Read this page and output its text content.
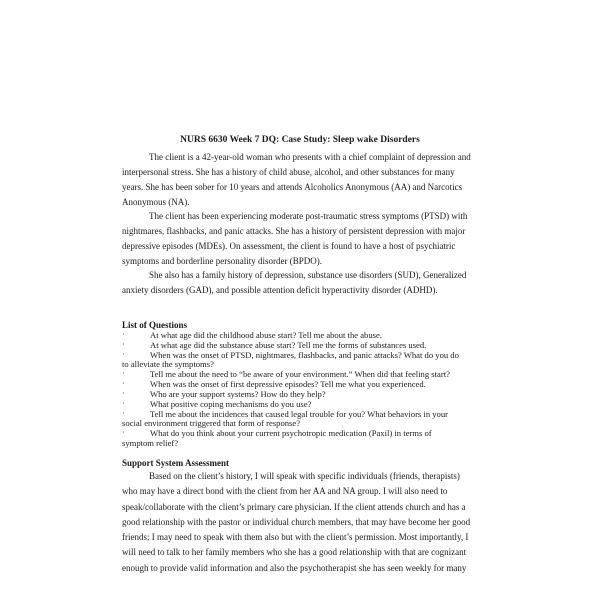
NURS 6630 Week 7 DQ: Case Study: Sleep wake Disorders
The client is a 42-year-old woman who presents with a chief complaint of depression and
interpersonal stress. She has a history of child abuse, alcohol, and other substances for many
years. She has been sober for 10 years and attends Alcoholics Anonymous (AA) and Narcotics
Anonymous (NA).
The client has been experiencing moderate post-traumatic stress symptoms (PTSD) with
nightmares, flashbacks, and panic attacks. She has a history of persistent depression with major
depressive episodes (MDEs). On assessment, the client is found to have a host of psychiatric
symptoms and borderline personality disorder (BPDO).
She also has a family history of depression, substance use disorders (SUD), Generalized
anxiety disorders (GAD), and possible attention deficit hyperactivity disorder (ADHD).
List of Questions
·	At what age did the childhood abuse start? Tell me about the abuse.
·	At what age did the substance abuse start? Tell me the forms of substances used.
·	When was the onset of PTSD, nightmares, flashbacks, and panic attacks? What do you do
to alleviate the symptoms?
·	Tell me about the need to “be aware of your environment.” When did that feeling start?
·	When was the onset of first depressive episodes? Tell me what you experienced.
·	Who are your support systems? How do they help?
·	What positive coping mechanisms do you use?
·	Tell me about the incidences that caused legal trouble for you? What behaviors in your
social environment triggered that form of response?
·	What do you think about your current psychotropic medication (Paxil) in terms of
symptom relief?
Support System Assessment
Based on the client’s history, I will speak with specific individuals (friends, therapists)
who may have a direct bond with the client from her AA and NA group. I will also need to
speak/collaborate with the client’s primary care physician. If the client attends church and has a
good relationship with the pastor or individual church members, that may have become her good
friends; I may need to speak with them also but with the client’s permission. Most importantly, I
will need to talk to her family members who she has a good relationship with that are cognizant
enough to provide valid information and also the psychotherapist she has seen weekly for many
